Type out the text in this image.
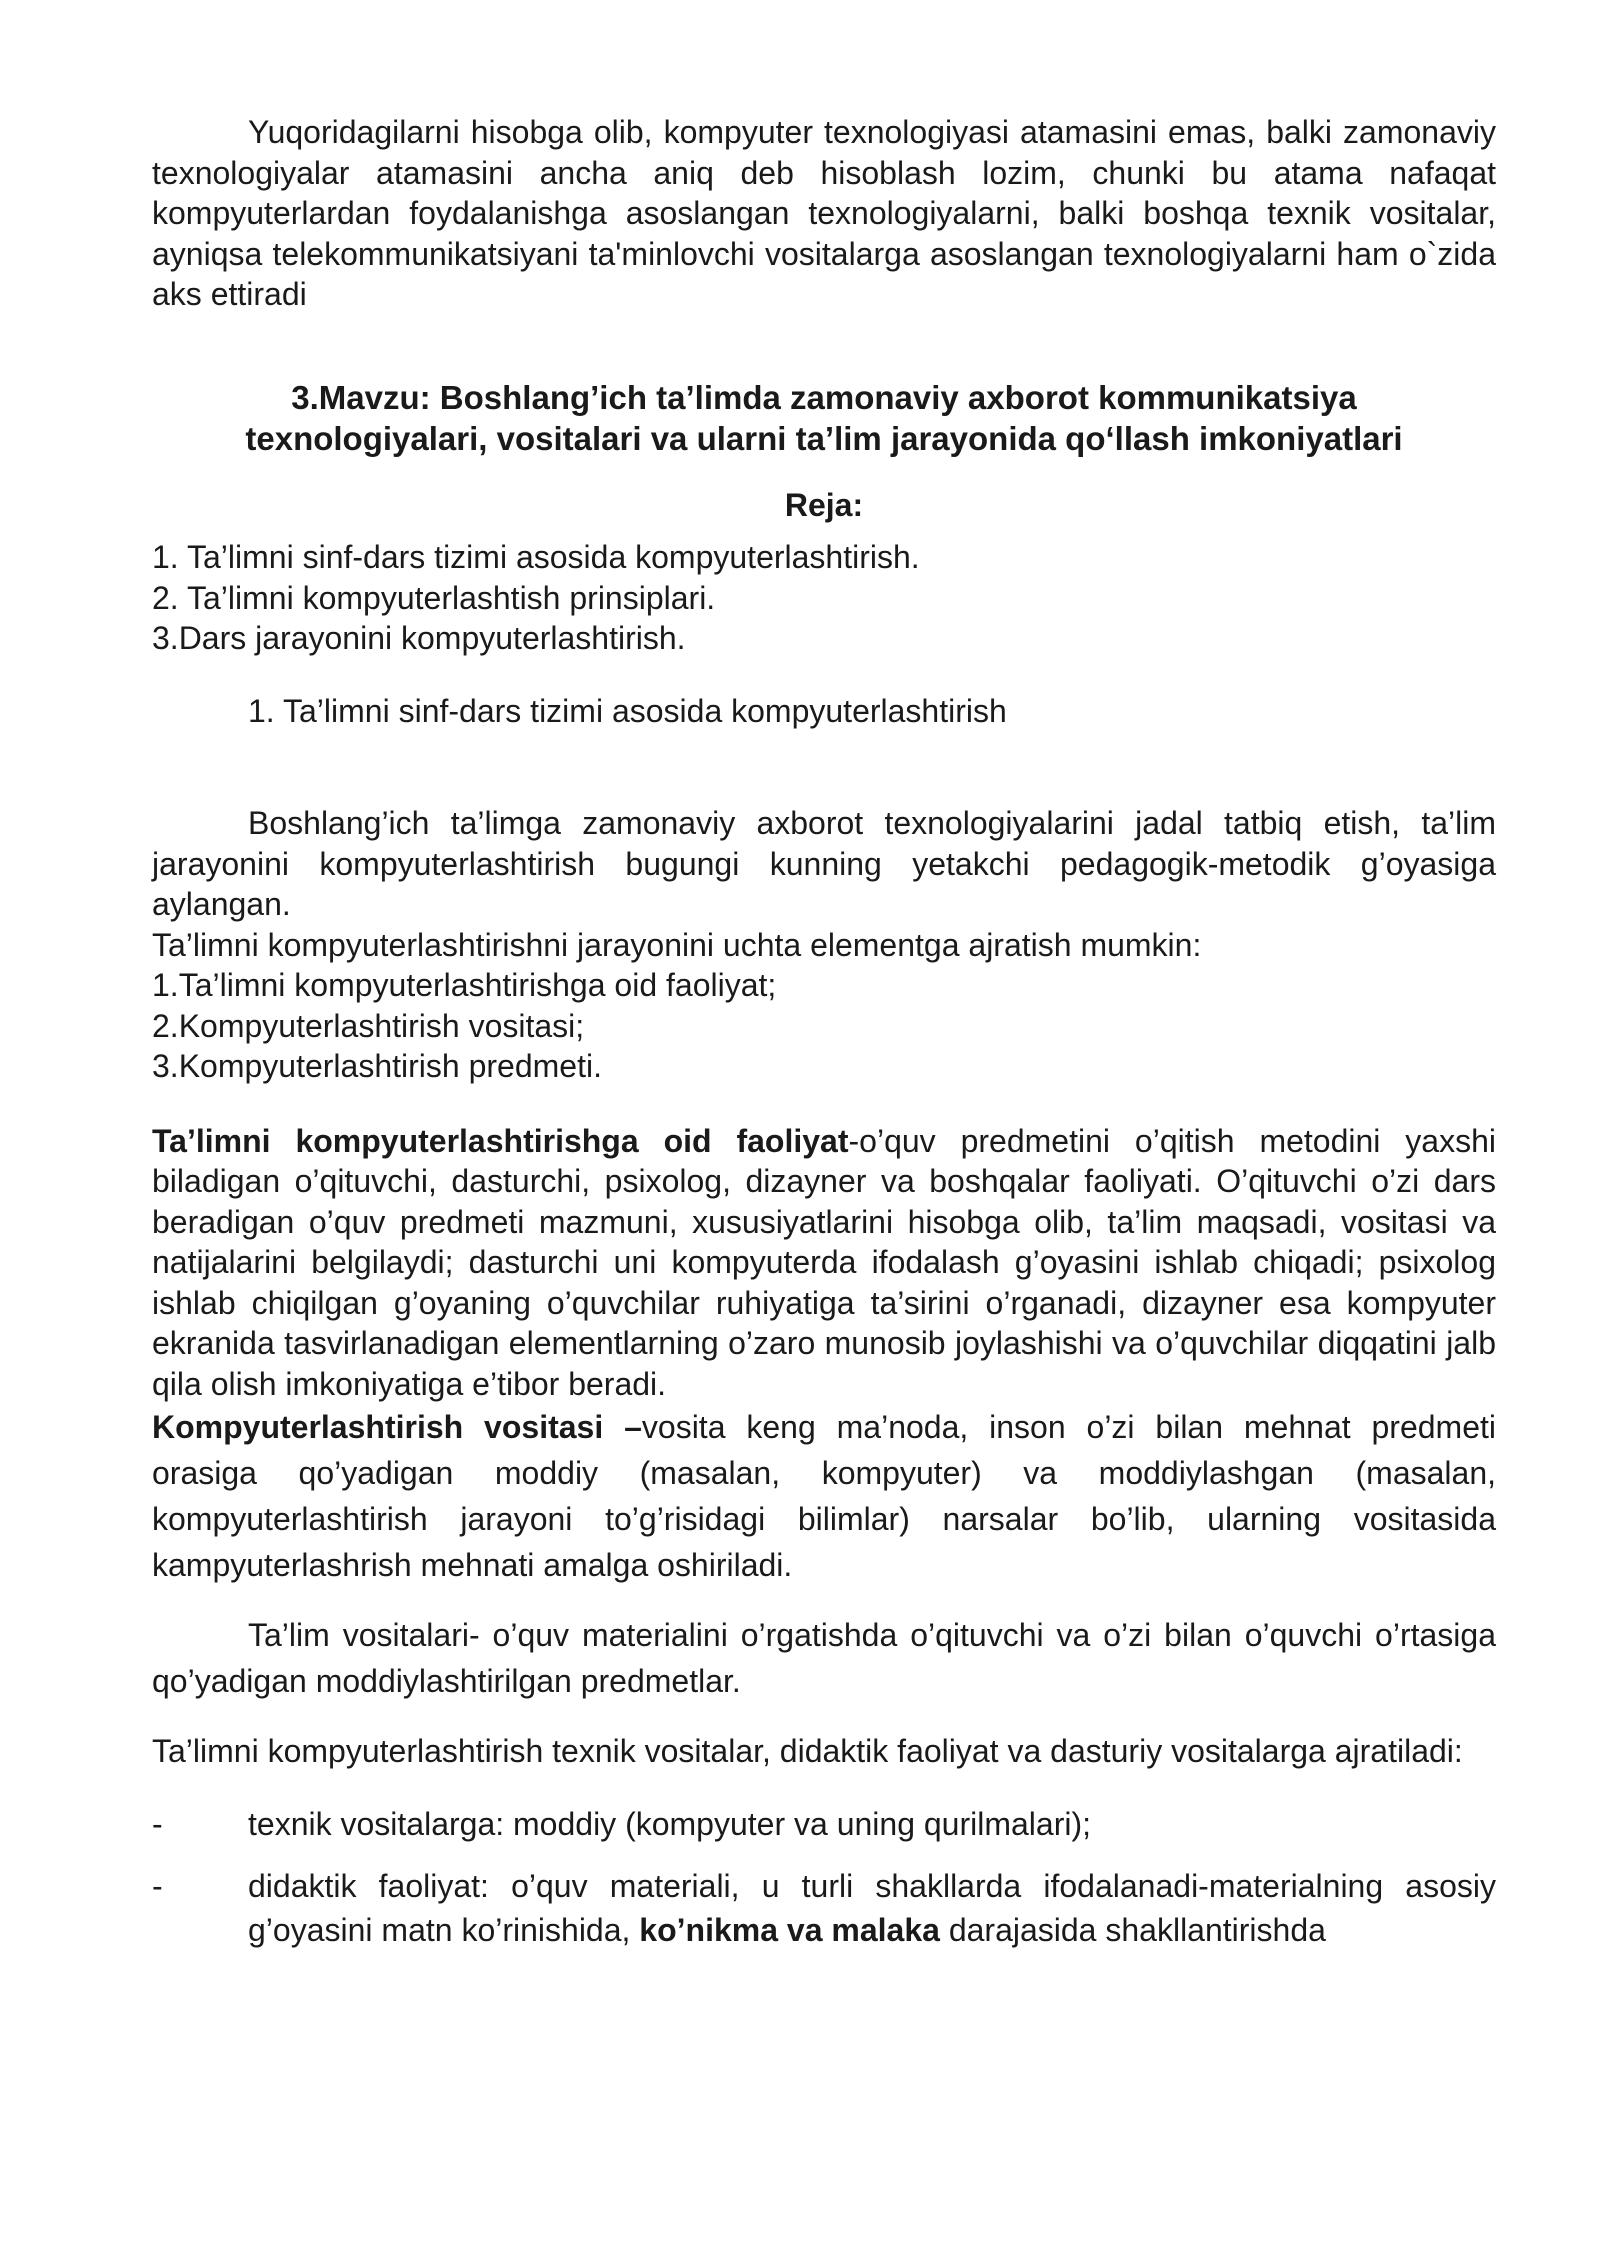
Yuqoridagilarni hisobga olib, kompyuter texnologiyasi atamasini emas, balki zamonaviy texnologiyalar atamasini ancha aniq deb hisoblash lozim, chunki bu atama nafaqat kompyuterlardan foydalanishga asoslangan texnologiyalarni, balki boshqa texnik vositalar, ayniqsa telekommunikatsiyani ta'minlovchi vositalarga asoslangan texnologiyalarni ham o`zida aks ettiradi

3.Mavzu: Boshlang’ich ta’limda zamonaviy axborot kommunikatsiya

texnologiyalari, vositalari va ularni ta’lim jarayonida qo‘llash imkoniyatlari

Reja:

1. Ta’limni sinf-dars tizimi asosida kompyuterlashtirish.

2. Ta’limni kompyuterlashtish prinsiplari.

3.Dars jarayonini kompyuterlashtirish.

1. Ta’limni sinf-dars tizimi asosida kompyuterlashtirish

Boshlang’ich ta’limga zamonaviy axborot texnologiyalarini jadal tatbiq etish, ta’lim jarayonini kompyuterlashtirish bugungi kunning yetakchi pedagogik-metodik g’oyasiga aylangan.

Ta’limni kompyuterlashtirishni jarayonini uchta elementga ajratish mumkin:

1.Ta’limni kompyuterlashtirishga oid faoliyat;

2.Kompyuterlashtirish vositasi;

3.Kompyuterlashtirish predmeti.

Ta’limni kompyuterlashtirishga oid faoliyat-o’quv predmetini o’qitish metodini yaxshi biladigan o’qituvchi, dasturchi, psixolog, dizayner va boshqalar faoliyati. O’qituvchi o’zi dars beradigan o’quv predmeti mazmuni, xususiyatlarini hisobga olib, ta’lim maqsadi, vositasi va natijalarini belgilaydi; dasturchi uni kompyuterda ifodalash g’oyasini ishlab chiqadi; psixolog ishlab chiqilgan g’oyaning o’quvchilar ruhiyatiga ta’sirini o’rganadi, dizayner esa kompyuter ekranida tasvirlanadigan elementlarning o’zaro munosib joylashishi va o’quvchilar diqqatini jalb qila olish imkoniyatiga e’tibor beradi.

Kompyuterlashtirish vositasi –vosita keng ma’noda, inson o’zi bilan mehnat predmeti orasiga qo’yadigan moddiy (masalan, kompyuter) va moddiylashgan (masalan, kompyuterlashtirish jarayoni to’g’risidagi bilimlar) narsalar bo’lib, ularning vositasida kampyuterlashrish mehnati amalga oshiriladi.

Ta’lim vositalari- o’quv materialini o’rgatishda o’qituvchi va o’zi bilan o’quvchi o’rtasiga qo’yadigan moddiylashtirilgan predmetlar.

Ta’limni kompyuterlashtirish texnik vositalar, didaktik faoliyat va dasturiy vositalarga ajratiladi:

-	texnik vositalarga: moddiy (kompyuter va uning qurilmalari);
-	didaktik faoliyat: o’quv materiali, u turli shakllarda ifodalanadi-materialning asosiy g’oyasini matn ko’rinishida, ko’nikma va malaka darajasida shakllantirishda
